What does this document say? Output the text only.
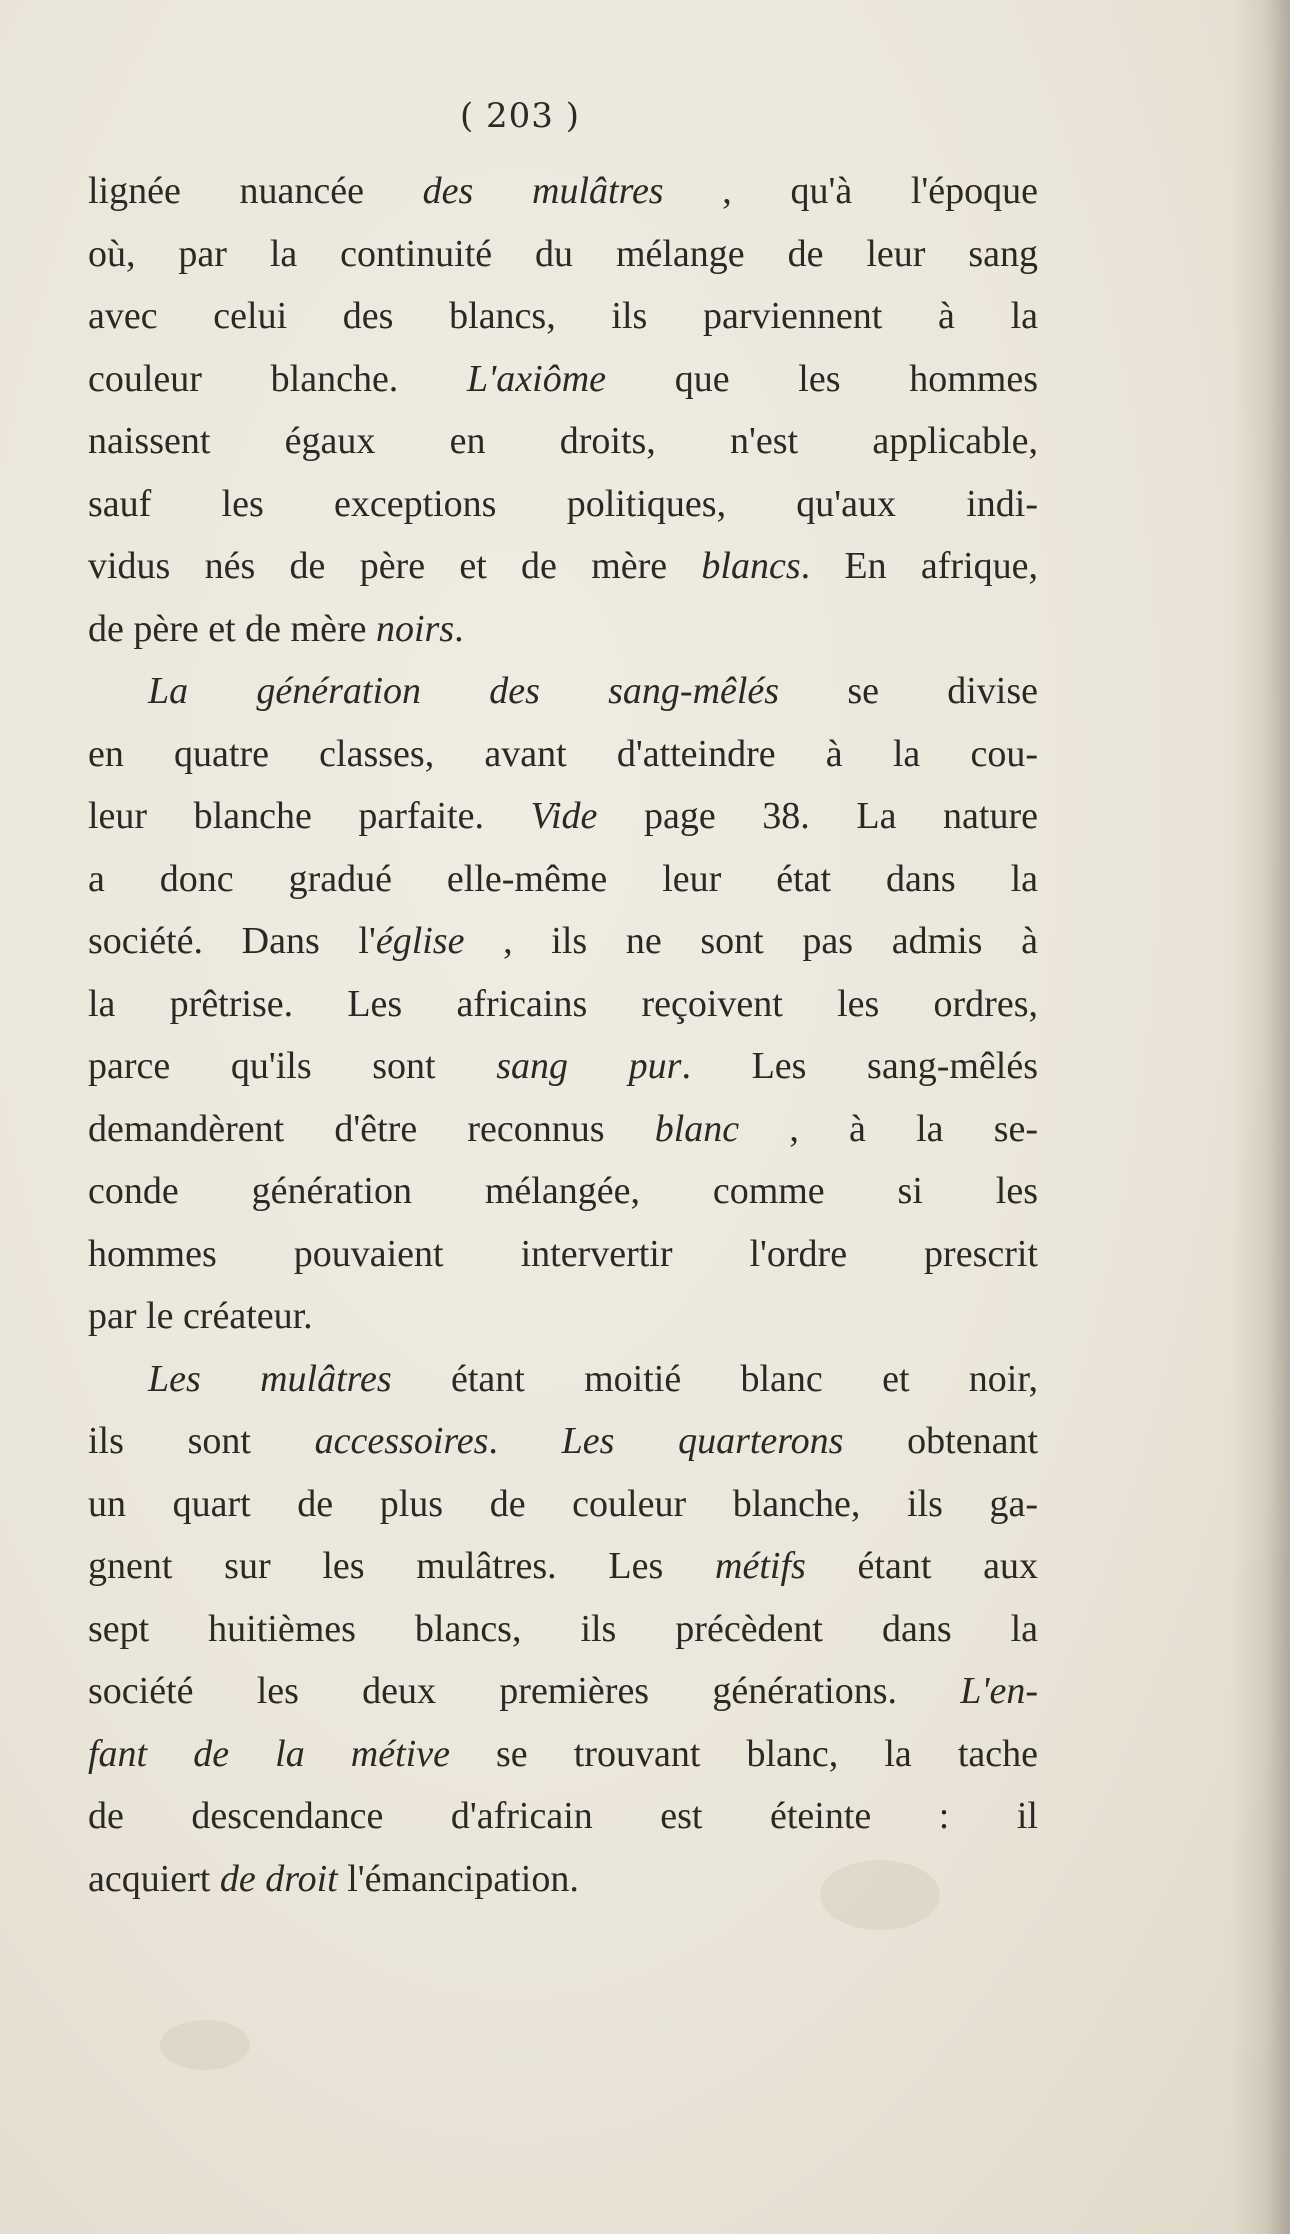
( 203 )
lignée nuancée des mulâtres , qu'à l'époque
où, par la continuité du mélange de leur sang
avec celui des blancs, ils parviennent à la
couleur blanche. L'axiôme que les hommes
naissent égaux en droits, n'est applicable,
sauf les exceptions politiques, qu'aux indi-
vidus nés de père et de mère blancs. En afrique,
de père et de mère noirs.
La génération des sang-mêlés se divise
en quatre classes, avant d'atteindre à la cou-
leur blanche parfaite. Vide page 38. La nature
a donc gradué elle-même leur état dans la
société. Dans l'église , ils ne sont pas admis à
la prêtrise. Les africains reçoivent les ordres,
parce qu'ils sont sang pur. Les sang-mêlés
demandèrent d'être reconnus blanc , à la se-
conde génération mélangée, comme si les
hommes pouvaient intervertir l'ordre prescrit
par le créateur.
Les mulâtres étant moitié blanc et noir,
ils sont accessoires. Les quarterons obtenant
un quart de plus de couleur blanche, ils ga-
gnent sur les mulâtres. Les métifs étant aux
sept huitièmes blancs, ils précèdent dans la
société les deux premières générations. L'en-
fant de la métive se trouvant blanc, la tache
de descendance d'africain est éteinte : il
acquiert de droit l'émancipation.
